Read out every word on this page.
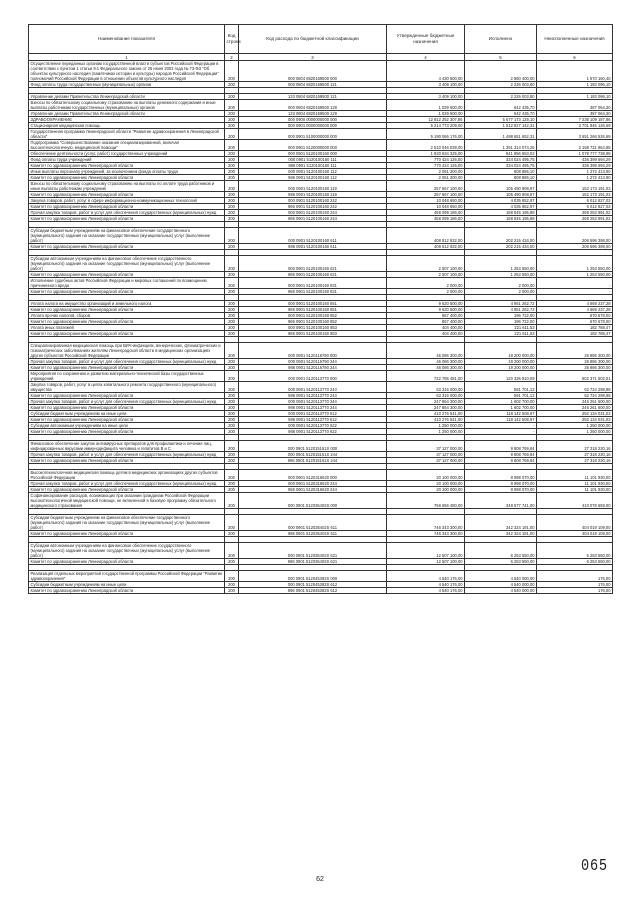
Наименование показателя	Код строки	Код расхода по бюджетной классификации	Утвержденные бюджетные назначения	Исполнено	Неисполненные назначения
1	2	3	4	5	6
Осуществление переданных органам государственной власти субъектов Российской Федерации в соответствии с пунктом 1 статьи 9.1 Федерального закона от 25 июня 2002 года № 73-ФЗ "Об объектах культурного наследия (памятниках истории и культуры) народов Российской Федерации" полномочий Российской Федерации в отношении объектов культурного наследия	200	000 0804 6820159500 000	4 430 600,00	2 860 400,00	1 570 160,40
Фонд оплаты труда государственных (муниципальных) органов	200	000 0804 6820159500 121	3 409 100,00	2 226 003,80	1 183 096,10

Управление делами Правительства Ленинградской области	200	133 0804 6820159500 121	3 409 100,00	2 226 003,80	1 183 096,10
Взносы по обязательному социальному страхованию на выплаты денежного содержания и иные выплаты работникам государственных (муниципальных) органов	200	000 0804 6820159500 129	1 029 500,00	642 435,70	387 064,30
Управление делами Правительства Ленинградской области	200	133 0804 6820159500 129	1 029 500,00	642 435,70	387 064,30
ЗДРАВООХРАНЕНИЕ	200	000 0900 0000000000 000	12 912 252 307,86	5 677 173 129,10	7 235 109 187,86
Стационарная медицинская помощь	200	000 0901 0000000000 000	5 214 773 209,00	1 512 827 142,31	3 701 946 126,69
Государственная программа Ленинградской области "Развитие здравоохранения в Ленинградской области"	200	000 0901 5100000000 000	5 190 066 176,00	1 488 651 652,31	3 651 266 526,69
Подпрограмма "Совершенствование оказания специализированной, включая высокотехнологичную, медицинской помощи"	200	000 0901 5120000000 000	2 510 046 039,00	1 351 314 074,25	2 158 731 964,85
Обеспечение деятельности (услуг, работ) государственных учреждений	200	000 0901 5120100160 000	1 920 634 325,00	841 856 553,02	1 078 777 738,98
Фонд оплаты труда учреждений	200	000 0901 5120100160 111	770 424 126,00	334 024 495,75	436 399 694,29
Комитет по здравоохранению Ленинградской области	200	986 0901 5120100160 111	770 424 126,00	334 024 495,75	436 399 694,29
Иные выплаты персоналу учреждений, за исключением фонда оплаты труда	200	000 0901 5120100160 112	2 061 300,00	808 886,10	1 272 413,90
Комитет по здравоохранению Ленинградской области	200	986 0901 5120100160 112	2 061 300,00	808 886,10	1 272 413,90
Взносы по обязательному социальному страхованию на выплаты по оплате труда работников и иные выплаты работникам учреждений	200	000 0901 5120100160 119	257 667 100,00	105 490 908,97	152 173 191,03
Комитет по здравоохранению Ленинградской области	200	986 0901 5120100160 119	257 667 100,00	105 490 908,97	152 173 191,03
Закупка товаров, работ, услуг в сфере информационно-коммуникационных технологий	200	000 0901 5120100160 242	10 048 650,00	4 035 852,97	6 012 827,03
Комитет по здравоохранению Ленинградской области	200	986 0901 5120100160 242	10 048 650,00	4 035 852,97	6 012 827,03
Прочая закупка товаров, работ и услуг для обеспечения государственных (муниципальных) нужд	200	000 0901 5120100160 244	458 099 186,00	188 845 195,88	269 253 991,02
Комитет по здравоохранению Ленинградской области	200	986 0901 5120100160 244	458 099 186,00	188 845 195,88	269 253 991,02

Субсидии бюджетным учреждениям на финансовое обеспечение государственного (муниципального) задания на оказание государственных (муниципальных) услуг (выполнение работ)	200	000 0901 5120100160 611	408 812 832,00	202 215 434,00	206 596 398,00
Комитет по здравоохранению Ленинградской области	200	986 0901 5120100160 611	408 812 832,00	202 215 434,00	206 596 398,00

Субсидии автономным учреждениям на финансовое обеспечение государственного (муниципального) задания на оказание государственных (муниципальных) услуг (выполнение работ)	200	000 0901 5120100160 621	2 507 100,00	1 253 550,00	1 253 550,00
Комитет по здравоохранению Ленинградской области	200	986 0901 5120100160 621	2 507 100,00	1 253 550,00	1 253 550,00
Исполнение судебных актов Российской Федерации и мировых соглашений по возмещению причиненного вреда	200	000 0901 5120100160 831	2 000,00	2 000,00	-
Комитет по здравоохранению Ленинградской области	200	986 0901 5120100160 831	2 000,00	2 000,00	-

Уплата налога на имущество организаций и земельного налога	200	000 0901 5120100160 851	9 620 500,00	4 951 262,72	4 669 237,28
Комитет по здравоохранению Ленинградской области	200	986 0901 5120100160 851	9 620 500,00	4 951 262,72	4 669 237,28
Уплата прочих налогов, сборов	200	000 0901 5120100160 852	867 400,00	196 722,00	670 678,00
Комитет по здравоохранению Ленинградской области	200	986 0901 5120100160 852	867 400,00	196 722,00	670 678,00
Уплата иных платежей	200	000 0901 5120100160 853	404 400,00	221 611,53	182 788,47
Комитет по здравоохранению Ленинградской области	200	986 0901 5120100160 853	404 400,00	221 611,53	182 788,47

Специализированная медицинская помощь при ВИЧ-инфекциях, венерических, фтизиатрических и психиатрических заболеваниях жителям Ленинградской области в медицинских организациях других субъектов Российской Федерации	200	000 0901 5120116790 000	46 086 300,00	19 200 000,00	26 886 300,00
Прочая закупка товаров, работ и услуг для обеспечения государственных (муниципальных) нужд	200	000 0901 5120116790 244	46 086 300,00	19 200 000,00	26 886 300,00
Комитет по здравоохранению Ленинградской области	200	986 0901 5120116790 244	46 086 300,00	19 200 000,00	26 886 300,00
Мероприятия по сохранению и развитию материально-технической базы государственных учреждений	200	000 0901 5120113770 000	722 785 481,00	120 336 910,09	602 371 502,01
Закупка товаров, работ, услуг в целях капитального ремонта государственного (муниципального) имущества	200	000 0901 5120113770 243	63 316 000,00	591 701,12	62 724 298,88
Комитет по здравоохранению Ленинградской области	200	986 0901 5120113770 243	63 316 000,00	591 701,12	62 724 298,88
Прочая закупка товаров, работ и услуг для обеспечения государственных (муниципальных) нужд	200	000 0901 5120113770 244	247 864 300,00	1 602 700,00	246 261 600,00
Комитет по здравоохранению Ленинградской области	200	986 0901 5120113770 244	247 864 300,00	1 602 700,00	246 261 600,00
Субсидии бюджетным учреждениям на иные цели	200	000 0901 5120113770 612	410 276 541,00	118 142 508,97	292 134 031,03
Комитет по здравоохранению Ленинградской области	200	986 0901 5120113770 612	410 276 541,00	118 142 508,97	292 134 031,03
Субсидии автономным учреждениям на иные цели	200	000 0901 5120113770 622	1 250 000,00	-	1 250 000,00
Комитет по здравоохранению Ленинградской области	200	986 0901 5120113770 622	1 250 000,00	-	1 250 000,00

Финансовое обеспечение закупок антивирусных препаратов для профилактики и лечения лиц, инфицированных вирусами иммунодефицита человека и гепатитов В и С	200	000 0901 512015161S 000	37 127 000,00	9 808 769,84	27 318 230,16
Прочая закупка товаров, работ и услуг для обеспечения государственных (муниципальных) нужд	200	000 0901 512015161S 244	37 127 000,00	9 808 769,84	27 318 230,16
Комитет по здравоохранению Ленинградской области	200	986 0901 512015161S 244	37 127 000,00	9 808 769,84	27 318 230,16

Высокотехнологичная медицинская помощь детям в медицинских организациях других субъектов Российской Федерации	200	000 0901 5120316620 000	20 100 000,00	8 998 070,00	11 101 930,00
Прочая закупка товаров, работ и услуг для обеспечения государственных (муниципальных) нужд	200	000 0901 5120316620 244	20 100 000,00	8 998 070,00	11 101 930,00
Комитет по здравоохранению Ленинградской области	200	986 0901 5120316620 244	20 100 000,00	8 998 070,00	11 101 930,00
Софинансирование расходов, возникающих при оказании гражданам Российской Федерации высокотехнологичной медицинской помощи, не включенной в базовую программу обязательного медицинского страхования	200	000 0901 512035402S 000	758 656 480,00	348 577 741,00	410 078 659,00

Субсидии бюджетным учреждениям на финансовое обеспечение государственного (муниципального) задания на оказание государственных (муниципальных) услуг (выполнение работ)	200	000 0901 512035402S 611	746 343 300,00	342 324 191,00	404 019 109,00
Комитет по здравоохранению Ленинградской области	200	986 0901 512035402S 611	746 343 300,00	342 324 191,00	404 019 109,00

Субсидии автономным учреждениям на финансовое обеспечение государственного (муниципального) задания на оказание государственных (муниципальных) услуг (выполнение работ)	200	000 0901 512035402S 621	12 507 100,00	6 253 550,00	6 253 550,00
Комитет по здравоохранению Ленинградской области	200	986 0901 512035402S 621	12 507 100,00	6 253 550,00	6 253 550,00

Реализация отдельных мероприятий государственной программы Российской Федерации "Развитие здравоохранения"	200	000 0901 512045382S 000	4 540 176,00	4 540 000,00	176,00
Субсидии бюджетным учреждениям на иные цели	200	000 0901 512045382S 612	4 540 176,00	4 540 000,00	176,00
Комитет по здравоохранению Ленинградской области	200	986 0901 512045382S 612	4 540 176,00	4 540 000,00	176,00
62
065
